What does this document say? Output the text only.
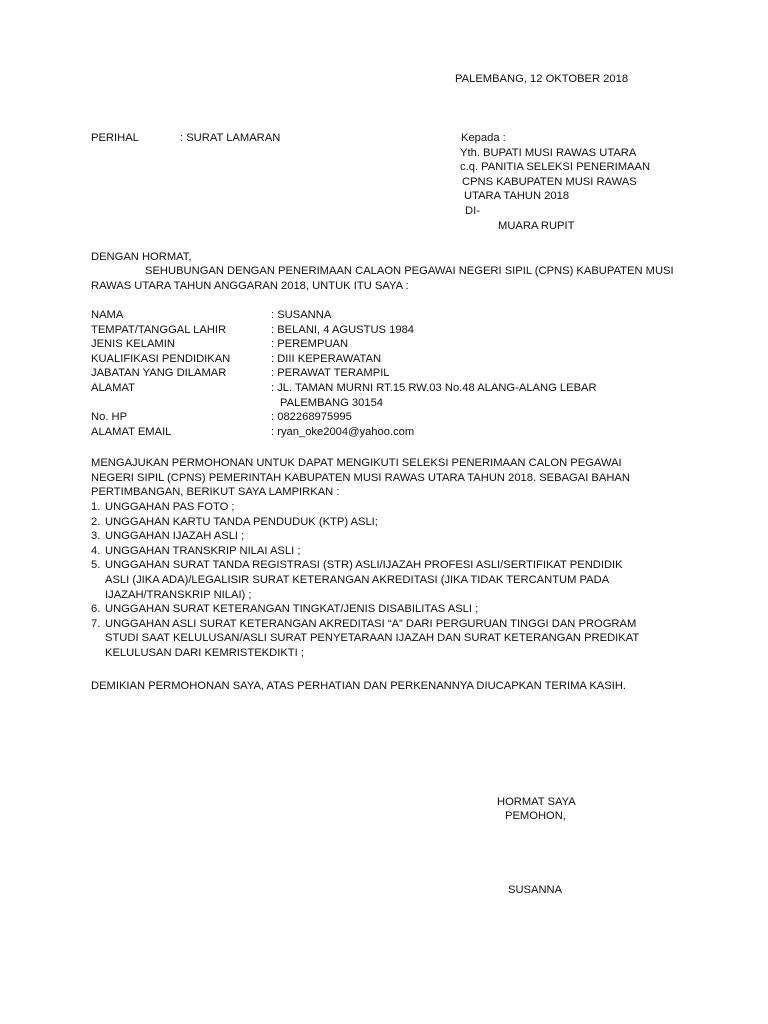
PALEMBANG, 12 OKTOBER 2018
PERIHAL	: SURAT LAMARAN	Kepada :
Yth. BUPATI MUSI RAWAS UTARA
c.q. PANITIA SELEKSI PENERIMAAN
CPNS KABUPATEN MUSI RAWAS
UTARA TAHUN 2018
DI-
MUARA RUPIT
DENGAN HORMAT,
SEHUBUNGAN DENGAN PENERIMAAN CALAON PEGAWAI NEGERI SIPIL (CPNS) KABUPATEN MUSI
RAWAS UTARA TAHUN ANGGARAN 2018, UNTUK ITU SAYA :
NAMA	: SUSANNA
TEMPAT/TANGGAL LAHIR	: BELANI, 4 AGUSTUS 1984
JENIS KELAMIN	: PEREMPUAN
KUALIFIKASI PENDIDIKAN	: DIII KEPERAWATAN
JABATAN YANG DILAMAR	: PERAWAT TERAMPIL
ALAMAT	: JL. TAMAN MURNI RT.15 RW.03 No.48 ALANG-ALANG LEBAR
PALEMBANG 30154
No. HP	: 082268975995
ALAMAT EMAIL	: ryan_oke2004@yahoo.com
MENGAJUKAN PERMOHONAN UNTUK DAPAT MENGIKUTI SELEKSI PENERIMAAN CALON PEGAWAI
NEGERI SIPIL (CPNS) PEMERINTAH KABUPATEN MUSI RAWAS UTARA TAHUN 2018. SEBAGAI BAHAN
PERTIMBANGAN, BERIKUT SAYA LAMPIRKAN :
1. UNGGAHAN PAS FOTO ;
2. UNGGAHAN KARTU TANDA PENDUDUK (KTP) ASLI;
3. UNGGAHAN IJAZAH ASLI ;
4. UNGGAHAN TRANSKRIP NILAI ASLI ;
5. UNGGAHAN SURAT TANDA REGISTRASI (STR) ASLI/IJAZAH PROFESI ASLI/SERTIFIKAT PENDIDIK
ASLI (JIKA ADA)/LEGALISIR SURAT KETERANGAN AKREDITASI (JIKA TIDAK TERCANTUM PADA
IJAZAH/TRANSKRIP NILAI) ;
6. UNGGAHAN SURAT KETERANGAN TINGKAT/JENIS DISABILITAS ASLI ;
7. UNGGAHAN ASLI SURAT KETERANGAN AKREDITASI “A” DARI PERGURUAN TINGGI DAN PROGRAM
STUDI SAAT KELULUSAN/ASLI SURAT PENYETARAAN IJAZAH DAN SURAT KETERANGAN PREDIKAT
KELULUSAN DARI KEMRISTEKDIKTI ;
DEMIKIAN PERMOHONAN SAYA, ATAS PERHATIAN DAN PERKENANNYA DIUCAPKAN TERIMA KASIH.
HORMAT SAYA
PEMOHON,
SUSANNA
